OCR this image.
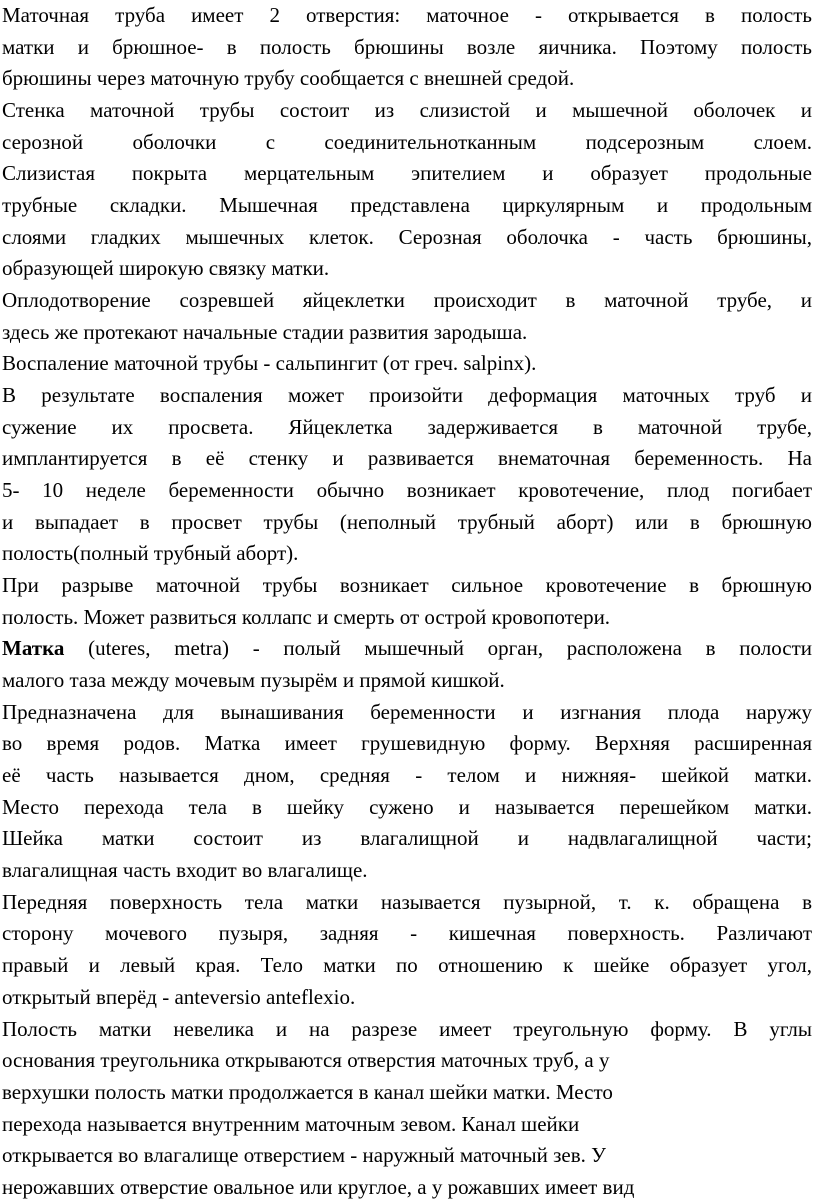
Маточная труба имеет 2 отверстия: маточное - открывается в полость
матки и брюшное- в полость брюшины возле яичника. Поэтому полость
брюшины через маточную трубу сообщается с внешней средой.
Стенка маточной трубы состоит из слизистой и мышечной оболочек и
серозной оболочки с соединительнотканным подсерозным слоем.
Слизистая покрыта мерцательным эпителием и образует продольные
трубные складки. Мышечная представлена циркулярным и продольным
слоями гладких мышечных клеток. Серозная оболочка - часть брюшины,
образующей широкую связку матки.
Оплодотворение созревшей яйцеклетки происходит в маточной трубе, и
здесь же протекают начальные стадии развития зародыша.
Воспаление маточной трубы - сальпингит (от греч. salpinx).
В результате воспаления может произойти деформация маточных труб и
сужение их просвета. Яйцеклетка задерживается в маточной трубе,
имплантируется в её стенку и развивается внематочная беременность. На
5- 10 неделе беременности обычно возникает кровотечение, плод погибает
и выпадает в просвет трубы (неполный трубный аборт) или в брюшную
полость(полный трубный аборт).
При разрыве маточной трубы возникает сильное кровотечение в брюшную
полость. Может развиться коллапс и смерть от острой кровопотери.
Матка (uteres, metra) - полый мышечный орган, расположена в полости
малого таза между мочевым пузырём и прямой кишкой.
Предназначена для вынашивания беременности и изгнания плода наружу
во время родов. Матка имеет грушевидную форму. Верхняя расширенная
её часть называется дном, средняя - телом и нижняя- шейкой матки.
Место перехода тела в шейку сужено и называется перешейком матки.
Шейка матки состоит из влагалищной и надвлагалищной части;
влагалищная часть входит во влагалище.
Передняя поверхность тела матки называется пузырной, т. к. обращена в
сторону мочевого пузыря, задняя - кишечная поверхность. Различают
правый и левый края. Тело матки по отношению к шейке образует угол,
открытый вперёд - anteversio anteflexio.
Полость матки невелика и на разрезе имеет треугольную форму. В углы
основания треугольника открываются отверстия маточных труб, а у
верхушки полость матки продолжается в канал шейки матки. Место
перехода называется внутренним маточным зевом. Канал шейки
открывается во влагалище отверстием - наружный маточный зев. У
нерожавших отверстие овальное или круглое, а у рожавших имеет вид
